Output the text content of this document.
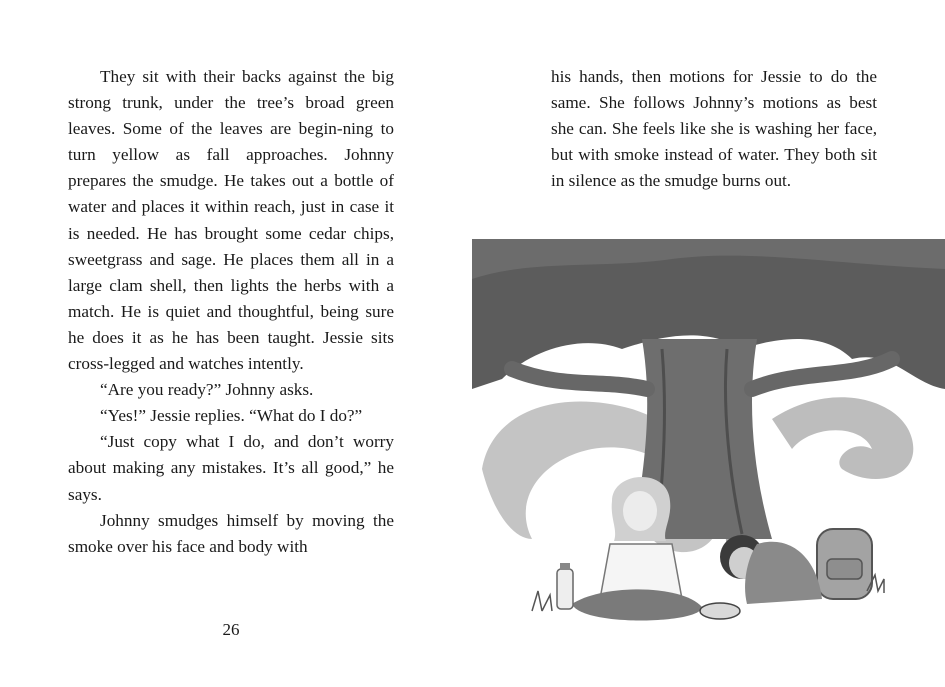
They sit with their backs against the big strong trunk, under the tree’s broad green leaves. Some of the leaves are begin-ning to turn yellow as fall approaches. Johnny prepares the smudge. He takes out a bottle of water and places it within reach, just in case it is needed. He has brought some cedar chips, sweetgrass and sage. He places them all in a large clam shell, then lights the herbs with a match. He is quiet and thoughtful, being sure he does it as he has been taught. Jessie sits cross-legged and watches intently.

“Are you ready?” Johnny asks.

“Yes!” Jessie replies. “What do I do?”

“Just copy what I do, and don’t worry about making any mistakes. It’s all good,” he says.

Johnny smudges himself by moving the smoke over his face and body with

26

his hands, then motions for Jessie to do the same. She follows Johnny’s motions as best she can. She feels like she is washing her face, but with smoke instead of water. They both sit in silence as the smudge burns out.
